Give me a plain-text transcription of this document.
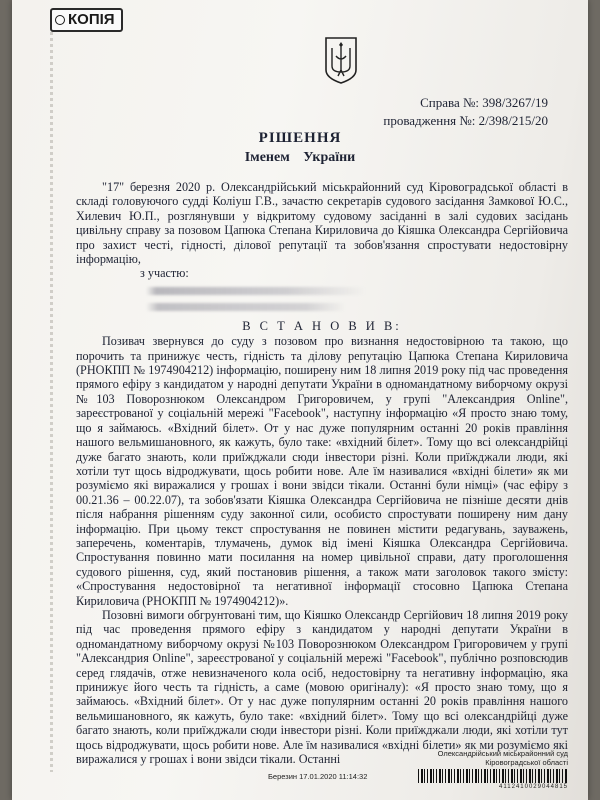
КОПІЯ
Справа №: 398/3267/19
провадження №: 2/398/215/20
РІШЕННЯ
Іменем України

"17" березня 2020 р. Олександрійський міськрайонний суд Кіровоградської області в складі головуючого судді Колiуш Г.В., зачастю секретарів судового засідання Замкової Ю.С., Хилевич Ю.П., розглянувши у відкритому судовому засіданні в залі судових засідань цивільну справу за позовом Цапюка Степана Кириловича до Кіяшка Олександра Сергійовича про захист честі, гідності, ділової репутації та зобов'язання спростувати недостовірну інформацію,

з участю:

В С Т А Н О В И В:

Позивач звернувся до суду з позовом про визнання недостовірною та такою, що порочить та принижує честь, гідність та ділову репутацію Цапюка Степана Кириловича (РНОКПП № 1974904212) інформацію, поширену ним 18 липня 2019 року під час проведення прямого ефіру з кандидатом у народні депутати України в одномандатному виборчому окрузі №103 Поворознюком Олександром Григоровичем, у групі "Александрия Online", зареєстрованої у соціальній мережі "Facebook", наступну інформацію «Я просто знаю тому, що я займаюсь. «Вхідний білет». От у нас дуже популярним останні 20 років правління нашого вельмишановного, як кажуть, було таке: «вхідний білет». Тому що всі олександрійці дуже багато знають, коли приїжджали сюди інвестори різні. Коли приїжджали люди, які хотіли тут щось відроджувати, щось робити нове. Але їм називалися «вхідні білети» як ми розуміємо які виражалися у грошах і вони звідси тікали. Останні були німці» (час ефіру з 00.21.36 – 00.22.07), та зобов'язати Кіяшка Олександра Сергійовича не пізніше десяти днів після набрання рішенням суду законної сили, особисто спростувати поширену ним дану інформацію. При цьому текст спростування не повинен містити редагувань, зауважень, заперечень, коментарів, тлумачень, думок від імені Кіяшка Олександра Сергійовича. Спростування повинно мати посилання на номер цивільної справи, дату проголошення судового рішення, суд, який постановив рішення, а також мати заголовок такого змісту: «Спростування недостовірної та негативної інформації стосовно Цапюка Степана Кириловича (РНОКПП № 1974904212)».

Позовні вимоги обгрунтовані тим, що Кіяшко Олександр Сергійович 18 липня 2019 року під час проведення прямого ефіру з кандидатом у народні депутати України в одномандатному виборчому окрузі №103 Поворознюком Олександром Григоровичем у групі "Александрия Online", зареєстрованої у соціальній мережі "Facebook", публічно розповсюдив серед глядачів, отже невизначеного кола осіб, недостовірну та негативну інформацію, яка принижує його честь та гідність, а саме (мовою оригіналу): «Я просто знаю тому, що я займаюсь. «Вхідний білет». От у нас дуже популярним останні 20 років правління нашого вельмишановного, як кажуть, було таке: «вхідний білет». Тому що всі олександрійці дуже багато знають, коли приїжджали сюди інвестори різні. Коли приїжджали люди, які хотіли тут щось відроджувати, щось робити нове. Але їм називалися «вхідні білети» як ми розуміємо які виражалися у грошах і вони звідси тікали. Останні	Олександрійський міськрайонний суд
Кіровоградської області
Березин 17.01.2020 11:14:32
4112410029044815
